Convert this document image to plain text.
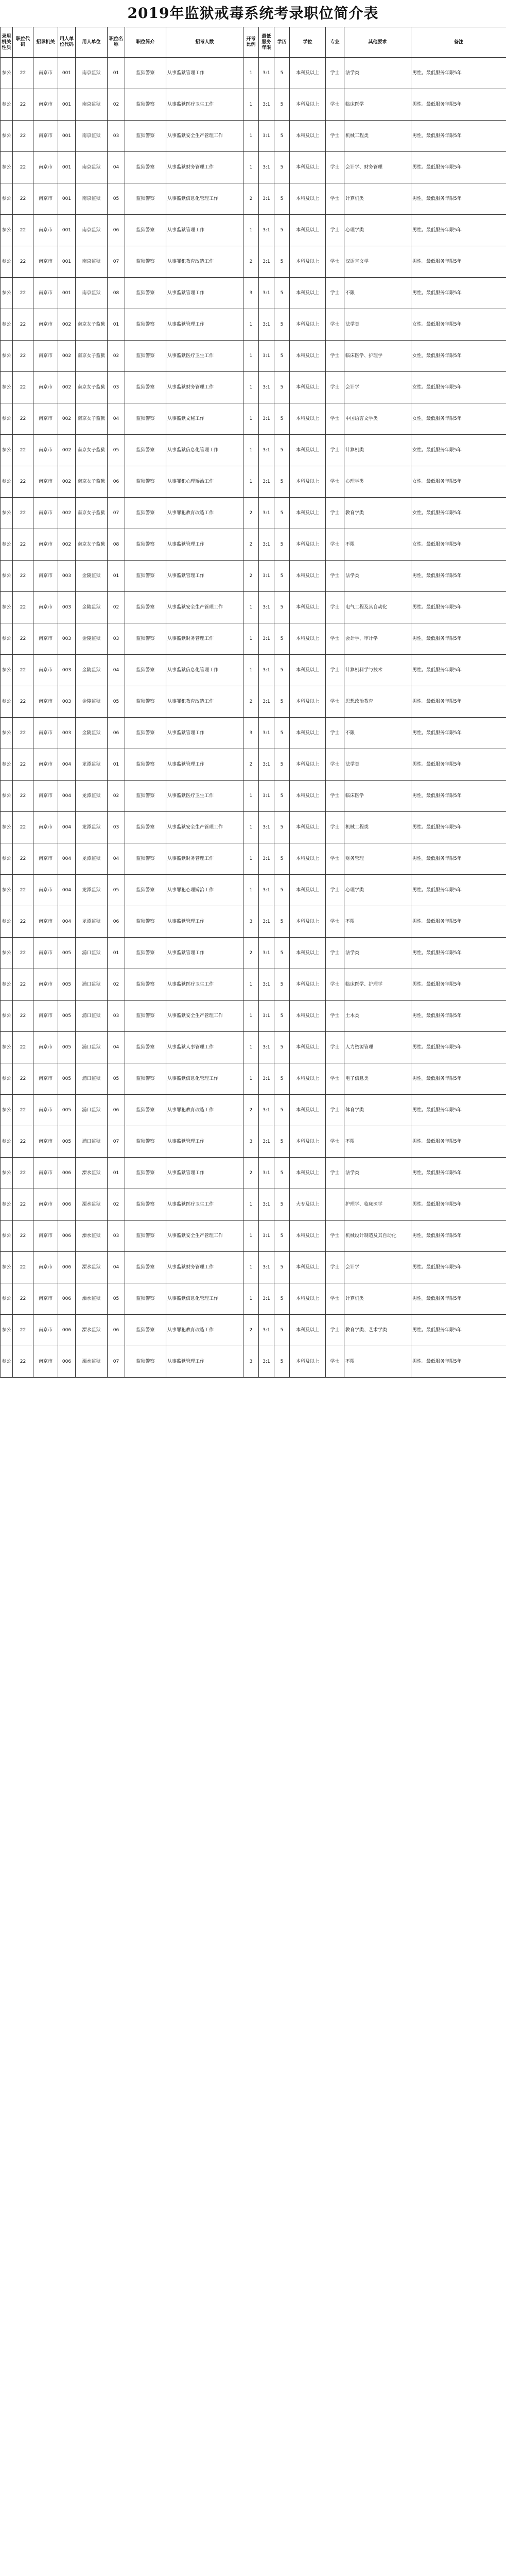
2019年监狱戒毒系统考录职位简介表
录用机关性质	职位代码	招录机关	用人单位代码	用人单位	职位名称	职位简介	招考人数	开考比例	最低服务年限	学历	学位	专业	其他要求	备注
参公	22	南京市	001	南京监狱	01	监狱警察	从事监狱管理工作	1	3:1	5	本科及以上	学士	法学类	男性。最低服务年限5年
参公	22	南京市	001	南京监狱	02	监狱警察	从事监狱医疗卫生工作	1	3:1	5	本科及以上	学士	临床医学	男性。最低服务年限5年
参公	22	南京市	001	南京监狱	03	监狱警察	从事监狱安全生产管理工作	1	3:1	5	本科及以上	学士	机械工程类	男性。最低服务年限5年
参公	22	南京市	001	南京监狱	04	监狱警察	从事监狱财务管理工作	1	3:1	5	本科及以上	学士	会计学、财务管理	男性。最低服务年限5年
参公	22	南京市	001	南京监狱	05	监狱警察	从事监狱信息化管理工作	2	3:1	5	本科及以上	学士	计算机类	男性。最低服务年限5年
参公	22	南京市	001	南京监狱	06	监狱警察	从事监狱管理工作	1	3:1	5	本科及以上	学士	心理学类	男性。最低服务年限5年
参公	22	南京市	001	南京监狱	07	监狱警察	从事罪犯教育改造工作	2	3:1	5	本科及以上	学士	汉语言文学	男性。最低服务年限5年
参公	22	南京市	001	南京监狱	08	监狱警察	从事监狱管理工作	3	3:1	5	本科及以上	学士	不限	男性。最低服务年限5年
参公	22	南京市	002	南京女子监狱	01	监狱警察	从事监狱管理工作	1	3:1	5	本科及以上	学士	法学类	女性。最低服务年限5年
参公	22	南京市	002	南京女子监狱	02	监狱警察	从事监狱医疗卫生工作	1	3:1	5	本科及以上	学士	临床医学、护理学	女性。最低服务年限5年
参公	22	南京市	002	南京女子监狱	03	监狱警察	从事监狱财务管理工作	1	3:1	5	本科及以上	学士	会计学	女性。最低服务年限5年
参公	22	南京市	002	南京女子监狱	04	监狱警察	从事监狱文秘工作	1	3:1	5	本科及以上	学士	中国语言文学类	女性。最低服务年限5年
参公	22	南京市	002	南京女子监狱	05	监狱警察	从事监狱信息化管理工作	1	3:1	5	本科及以上	学士	计算机类	女性。最低服务年限5年
参公	22	南京市	002	南京女子监狱	06	监狱警察	从事罪犯心理矫治工作	1	3:1	5	本科及以上	学士	心理学类	女性。最低服务年限5年
参公	22	南京市	002	南京女子监狱	07	监狱警察	从事罪犯教育改造工作	2	3:1	5	本科及以上	学士	教育学类	女性。最低服务年限5年
参公	22	南京市	002	南京女子监狱	08	监狱警察	从事监狱管理工作	2	3:1	5	本科及以上	学士	不限	女性。最低服务年限5年
参公	22	南京市	003	金陵监狱	01	监狱警察	从事监狱管理工作	2	3:1	5	本科及以上	学士	法学类	男性。最低服务年限5年
参公	22	南京市	003	金陵监狱	02	监狱警察	从事监狱安全生产管理工作	1	3:1	5	本科及以上	学士	电气工程及其自动化	男性。最低服务年限5年
参公	22	南京市	003	金陵监狱	03	监狱警察	从事监狱财务管理工作	1	3:1	5	本科及以上	学士	会计学、审计学	男性。最低服务年限5年
参公	22	南京市	003	金陵监狱	04	监狱警察	从事监狱信息化管理工作	1	3:1	5	本科及以上	学士	计算机科学与技术	男性。最低服务年限5年
参公	22	南京市	003	金陵监狱	05	监狱警察	从事罪犯教育改造工作	2	3:1	5	本科及以上	学士	思想政治教育	男性。最低服务年限5年
参公	22	南京市	003	金陵监狱	06	监狱警察	从事监狱管理工作	3	3:1	5	本科及以上	学士	不限	男性。最低服务年限5年
参公	22	南京市	004	龙潭监狱	01	监狱警察	从事监狱管理工作	2	3:1	5	本科及以上	学士	法学类	男性。最低服务年限5年
参公	22	南京市	004	龙潭监狱	02	监狱警察	从事监狱医疗卫生工作	1	3:1	5	本科及以上	学士	临床医学	男性。最低服务年限5年
参公	22	南京市	004	龙潭监狱	03	监狱警察	从事监狱安全生产管理工作	1	3:1	5	本科及以上	学士	机械工程类	男性。最低服务年限5年
参公	22	南京市	004	龙潭监狱	04	监狱警察	从事监狱财务管理工作	1	3:1	5	本科及以上	学士	财务管理	男性。最低服务年限5年
参公	22	南京市	004	龙潭监狱	05	监狱警察	从事罪犯心理矫治工作	1	3:1	5	本科及以上	学士	心理学类	男性。最低服务年限5年
参公	22	南京市	004	龙潭监狱	06	监狱警察	从事监狱管理工作	3	3:1	5	本科及以上	学士	不限	男性。最低服务年限5年
参公	22	南京市	005	浦口监狱	01	监狱警察	从事监狱管理工作	2	3:1	5	本科及以上	学士	法学类	男性。最低服务年限5年
参公	22	南京市	005	浦口监狱	02	监狱警察	从事监狱医疗卫生工作	1	3:1	5	本科及以上	学士	临床医学、护理学	男性。最低服务年限5年
参公	22	南京市	005	浦口监狱	03	监狱警察	从事监狱安全生产管理工作	1	3:1	5	本科及以上	学士	土木类	男性。最低服务年限5年
参公	22	南京市	005	浦口监狱	04	监狱警察	从事监狱人事管理工作	1	3:1	5	本科及以上	学士	人力资源管理	男性。最低服务年限5年
参公	22	南京市	005	浦口监狱	05	监狱警察	从事监狱信息化管理工作	1	3:1	5	本科及以上	学士	电子信息类	男性。最低服务年限5年
参公	22	南京市	005	浦口监狱	06	监狱警察	从事罪犯教育改造工作	2	3:1	5	本科及以上	学士	体育学类	男性。最低服务年限5年
参公	22	南京市	005	浦口监狱	07	监狱警察	从事监狱管理工作	3	3:1	5	本科及以上	学士	不限	男性。最低服务年限5年
参公	22	南京市	006	溧水监狱	01	监狱警察	从事监狱管理工作	2	3:1	5	本科及以上	学士	法学类	男性。最低服务年限5年
参公	22	南京市	006	溧水监狱	02	监狱警察	从事监狱医疗卫生工作	1	3:1	5	大专及以上		护理学、临床医学	男性。最低服务年限5年
参公	22	南京市	006	溧水监狱	03	监狱警察	从事监狱安全生产管理工作	1	3:1	5	本科及以上	学士	机械设计制造及其自动化	男性。最低服务年限5年
参公	22	南京市	006	溧水监狱	04	监狱警察	从事监狱财务管理工作	1	3:1	5	本科及以上	学士	会计学	男性。最低服务年限5年
参公	22	南京市	006	溧水监狱	05	监狱警察	从事监狱信息化管理工作	1	3:1	5	本科及以上	学士	计算机类	男性。最低服务年限5年
参公	22	南京市	006	溧水监狱	06	监狱警察	从事罪犯教育改造工作	2	3:1	5	本科及以上	学士	教育学类、艺术学类	男性。最低服务年限5年
参公	22	南京市	006	溧水监狱	07	监狱警察	从事监狱管理工作	3	3:1	5	本科及以上	学士	不限	男性。最低服务年限5年
